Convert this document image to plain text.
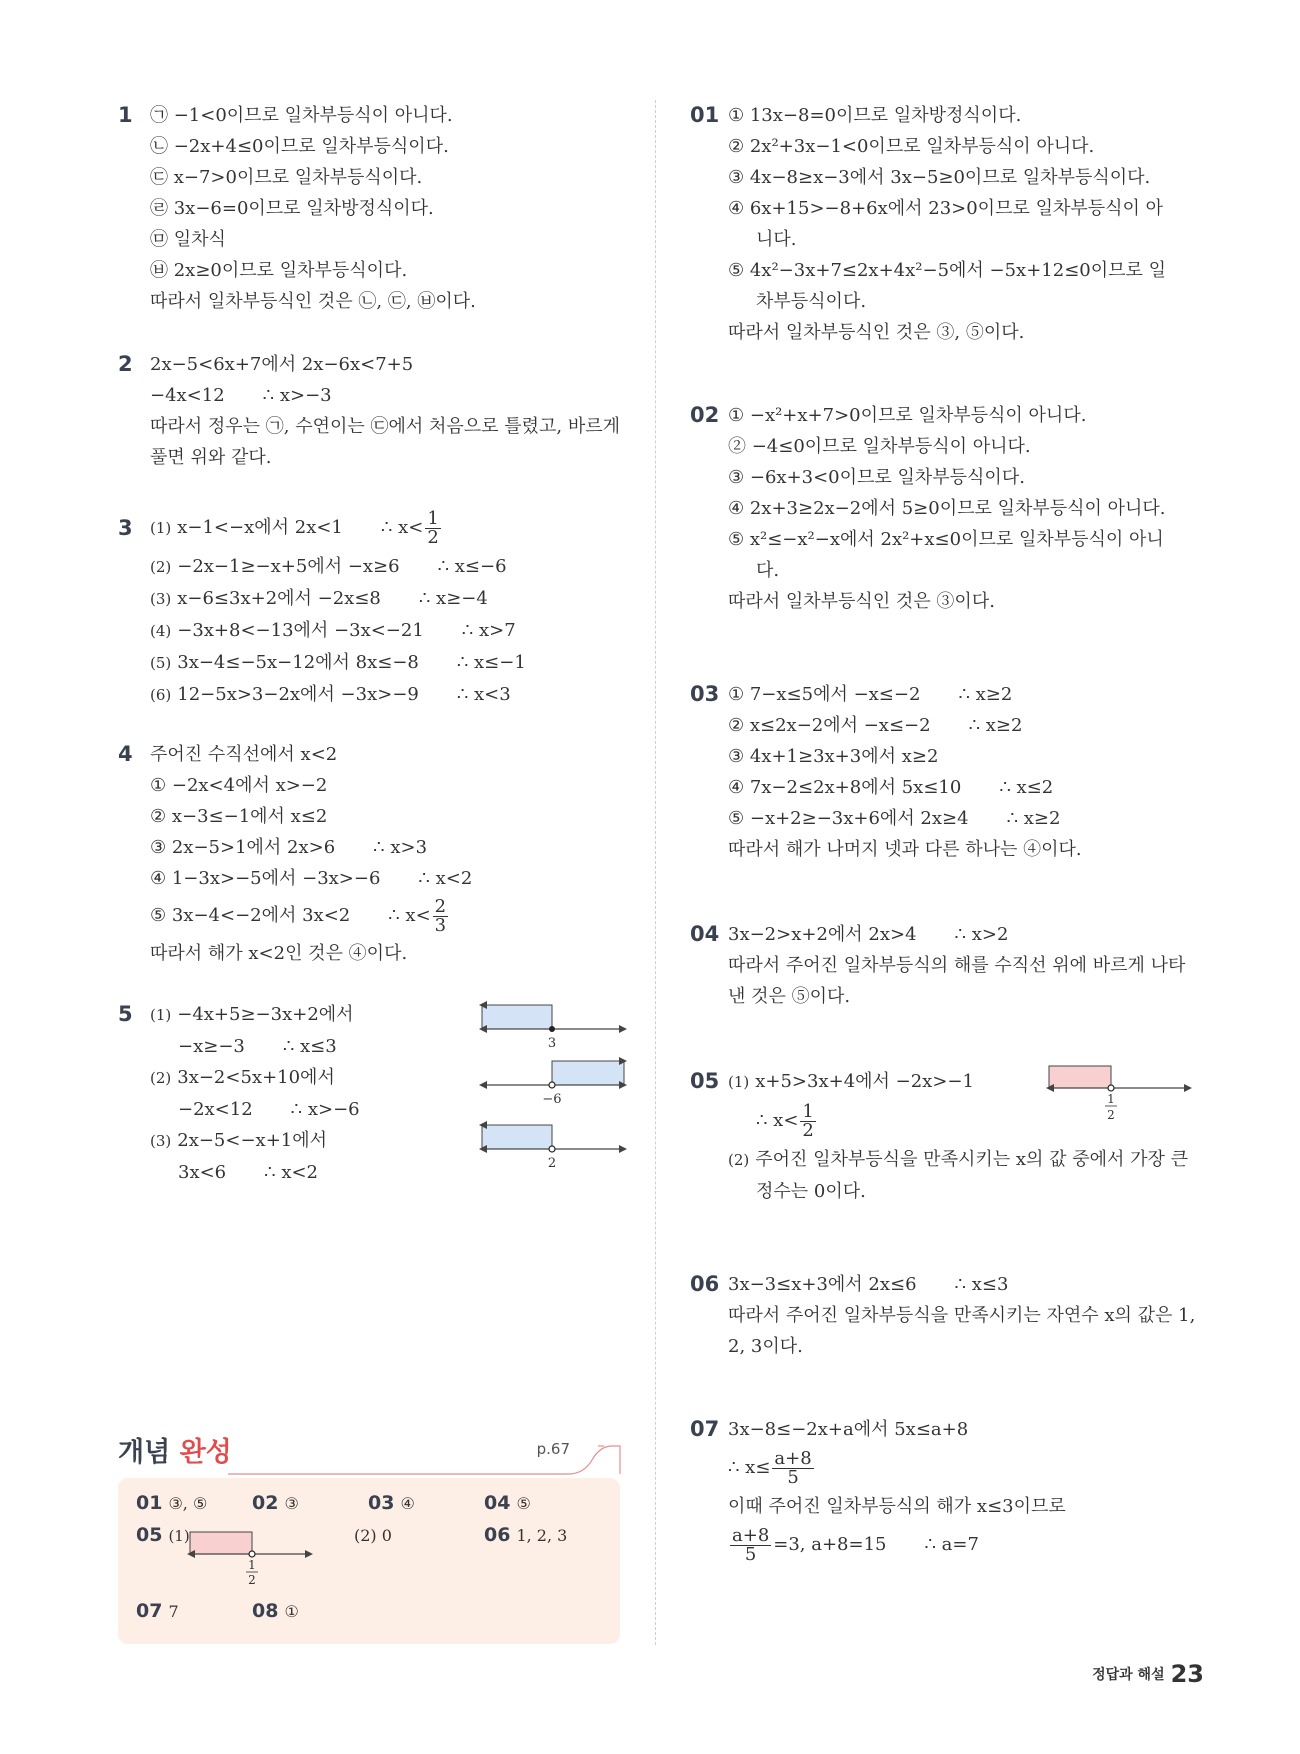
1 ㉠ −1<0이므로 일차부등식이 아니다.
㉡ −2x+4≤0이므로 일차부등식이다.
㉢ x−7>0이므로 일차부등식이다.
㉣ 3x−6=0이므로 일차방정식이다.
㉤ 일차식
㉥ 2x≥0이므로 일차부등식이다.
따라서 일차부등식인 것은 ㉡, ㉢, ㉥이다.
2 2x−5<6x+7에서 2x−6x<7+5
−4x<12 ∴ x>−3
따라서 정우는 ㉠, 수연이는 ㉢에서 처음으로 틀렸고, 바르게 풀면 위와 같다.
3 (1) x−1<−x에서 2x<1 ∴ $x< \frac{1}{2}$
(2) −2x−1≥−x+5에서 −x≥6 ∴ x≤−6
(3) x−6≤3x+2에서 −2x≤8 ∴ x≥−4
(4) −3x+8<−13에서 −3x<−21 ∴ x>7
(5) 3x−4≤−5x−12에서 8x≤−8 ∴ x≤−1
(6) 12−5x>3−2x에서 −3x>−9 ∴ x<3
4 주어진 수직선에서 x<2
① −2x<4에서 x>−2
② x−3≤−1에서 x≤2
③ 2x−5>1에서 2x>6 ∴ x>3
④ 1−3x>−5에서 −3x>−6 ∴ x<2
⑤ 3x−4<−2에서 3x<2 ∴ $x< \frac{2}{3}$
따라서 해가 x<2인 것은 ④이다.
5 (1) −4x+5≥−3x+2에서
−x≥−3 ∴ x≤3
(2) 3x−2<5x+10에서
−2x<12 ∴ x>−6
(3) 2x−5<−x+1에서
3x<6 ∴ x<2
3
−6
2
개념 완성	p.67
01 ③, ⑤ 02 ③	03 ④	04 ⑤
05 (1)
1
2
(2) 0	06 1, 2, 3
07 7	08 ①
01 ① 13x−8=0이므로 일차방정식이다.
② 2x²+3x−1<0이므로 일차부등식이 아니다.
③ 4x−8≥x−3에서 3x−5≥0이므로 일차부등식이다.
④ 6x+15>−8+6x에서 23>0이므로 일차부등식이 아
니다.
⑤ 4x²−3x+7≤2x+4x²−5에서 −5x+12≤0이므로 일
차부등식이다.
따라서 일차부등식인 것은 ③, ⑤이다.
02 ① −x²+x+7>0이므로 일차부등식이 아니다.
② −4≤0이므로 일차부등식이 아니다.
③ −6x+3<0이므로 일차부등식이다.
④ 2x+3≥2x−2에서 5≥0이므로 일차부등식이 아니다.
⑤ x²≤−x²−x에서 2x²+x≤0이므로 일차부등식이 아니
다.
따라서 일차부등식인 것은 ③이다.
03 ① 7−x≤5에서 −x≤−2 ∴ x≥2
② x≤2x−2에서 −x≤−2 ∴ x≥2
③ 4x+1≥3x+3에서 x≥2
④ 7x−2≤2x+8에서 5x≤10 ∴ x≤2
⑤ −x+2≥−3x+6에서 2x≥4 ∴ x≥2
따라서 해가 나머지 넷과 다른 하나는 ④이다.
04 3x−2>x+2에서 2x>4 ∴ x>2
따라서 주어진 일차부등식의 해를 수직선 위에 바르게 나타낸 것은 ⑤이다.
05 (1) x+5>3x+4에서 −2x>−1
∴ $x< \frac{1}{2}$
(2) 주어진 일차부등식을 만족시키는 x의 값 중에서 가장 큰 정수는 0이다.
1
2
06 3x−3≤x+3에서 2x≤6 ∴ x≤3
따라서 주어진 일차부등식을 만족시키는 자연수 x의 값은 1, 2, 3이다.
07 3x−8≤−2x+a에서 5x≤a+8
∴ $x\le \frac{a+8}{5}$
이때 주어진 일차부등식의 해가 x≤3이므로
$\frac{a+8}{5} =3$, a+8=15 ∴ a=7
정답과 해설 23
